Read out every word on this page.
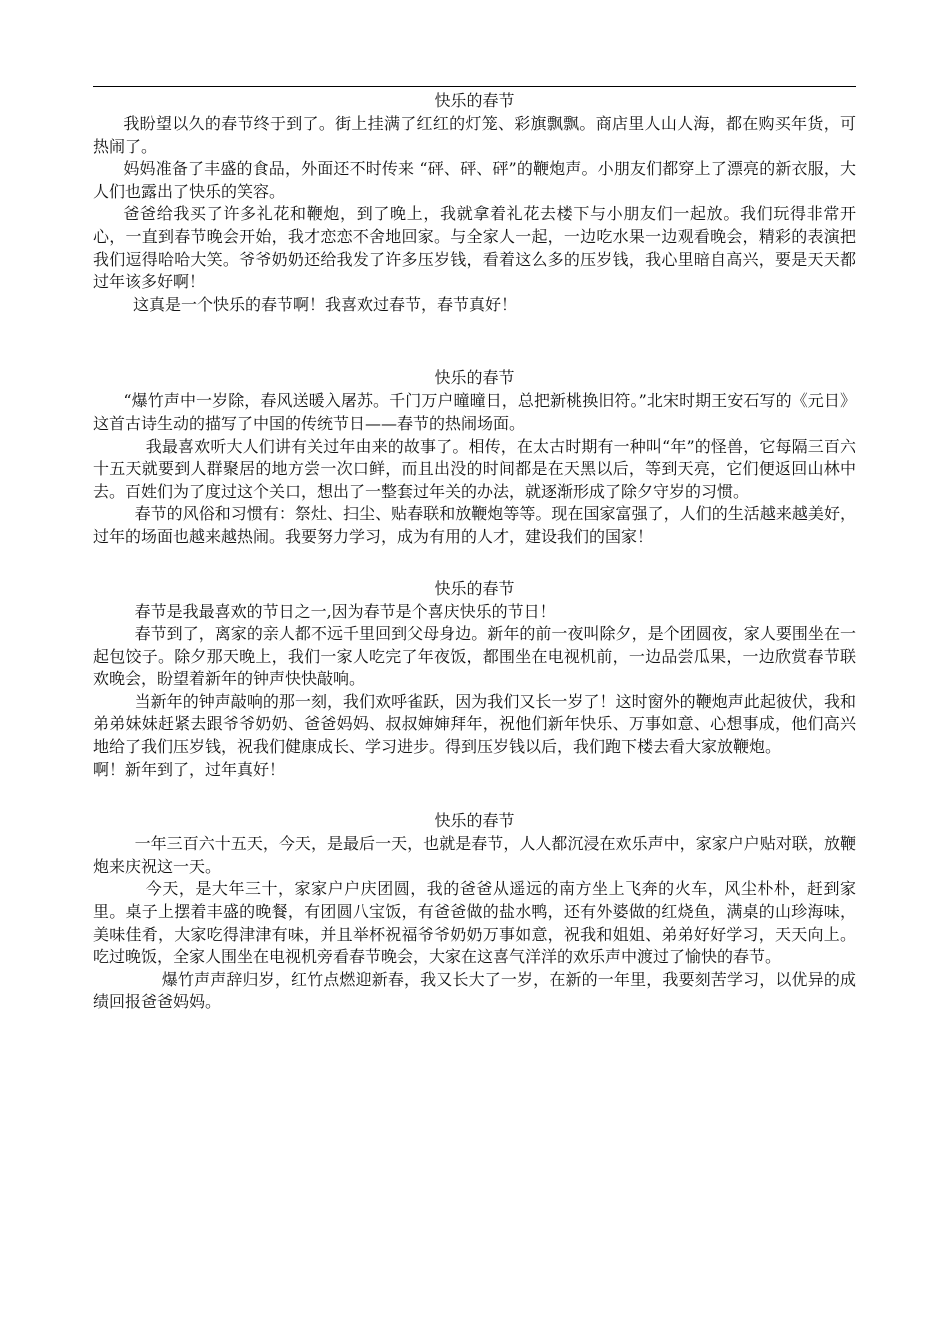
快乐的春节

我盼望以久的春节终于到了。街上挂满了红红的灯笼、彩旗飘飘。商店里人山人海，都在购买年货，可热闹了。

妈妈准备了丰盛的食品，外面还不时传来 “砰、砰、砰”的鞭炮声。小朋友们都穿上了漂亮的新衣服，大人们也露出了快乐的笑容。

爸爸给我买了许多礼花和鞭炮，到了晚上，我就拿着礼花去楼下与小朋友们一起放。我们玩得非常开心，一直到春节晚会开始，我才恋恋不舍地回家。与全家人一起，一边吃水果一边观看晚会，精彩的表演把我们逗得哈哈大笑。爷爷奶奶还给我发了许多压岁钱，看着这么多的压岁钱，我心里暗自高兴，要是天天都过年该多好啊！

这真是一个快乐的春节啊！我喜欢过春节，春节真好！

快乐的春节

“爆竹声中一岁除，春风送暖入屠苏。千门万户曈曈日，总把新桃换旧符。”北宋时期王安石写的《元日》这首古诗生动的描写了中国的传统节日——春节的热闹场面。

我最喜欢听大人们讲有关过年由来的故事了。相传，在太古时期有一种叫“年”的怪兽，它每隔三百六十五天就要到人群聚居的地方尝一次口鲜，而且出没的时间都是在天黑以后，等到天亮，它们便返回山林中去。百姓们为了度过这个关口，想出了一整套过年关的办法，就逐渐形成了除夕守岁的习惯。

春节的风俗和习惯有：祭灶、扫尘、贴春联和放鞭炮等等。现在国家富强了，人们的生活越来越美好，过年的场面也越来越热闹。我要努力学习，成为有用的人才，建设我们的国家！

快乐的春节

春节是我最喜欢的节日之一,因为春节是个喜庆快乐的节日！

春节到了，离家的亲人都不远千里回到父母身边。新年的前一夜叫除夕，是个团圆夜，家人要围坐在一起包饺子。除夕那天晚上，我们一家人吃完了年夜饭，都围坐在电视机前，一边品尝瓜果，一边欣赏春节联欢晚会，盼望着新年的钟声快快敲响。

当新年的钟声敲响的那一刻，我们欢呼雀跃，因为我们又长一岁了！这时窗外的鞭炮声此起彼伏，我和弟弟妹妹赶紧去跟爷爷奶奶、爸爸妈妈、叔叔婶婶拜年，祝他们新年快乐、万事如意、心想事成，他们高兴地给了我们压岁钱，祝我们健康成长、学习进步。得到压岁钱以后，我们跑下楼去看大家放鞭炮。

啊！新年到了，过年真好！

快乐的春节

一年三百六十五天，今天，是最后一天，也就是春节，人人都沉浸在欢乐声中，家家户户贴对联，放鞭炮来庆祝这一天。

今天，是大年三十，家家户户庆团圆，我的爸爸从遥远的南方坐上飞奔的火车，风尘朴朴，赶到家里。桌子上摆着丰盛的晚餐，有团圆八宝饭，有爸爸做的盐水鸭，还有外婆做的红烧鱼，满桌的山珍海味，美味佳肴，大家吃得津津有味，并且举杯祝福爷爷奶奶万事如意，祝我和姐姐、弟弟好好学习，天天向上。吃过晚饭，全家人围坐在电视机旁看春节晚会，大家在这喜气洋洋的欢乐声中渡过了愉快的春节。

爆竹声声辞归岁，红竹点燃迎新春，我又长大了一岁，在新的一年里，我要刻苦学习，以优异的成绩回报爸爸妈妈。
